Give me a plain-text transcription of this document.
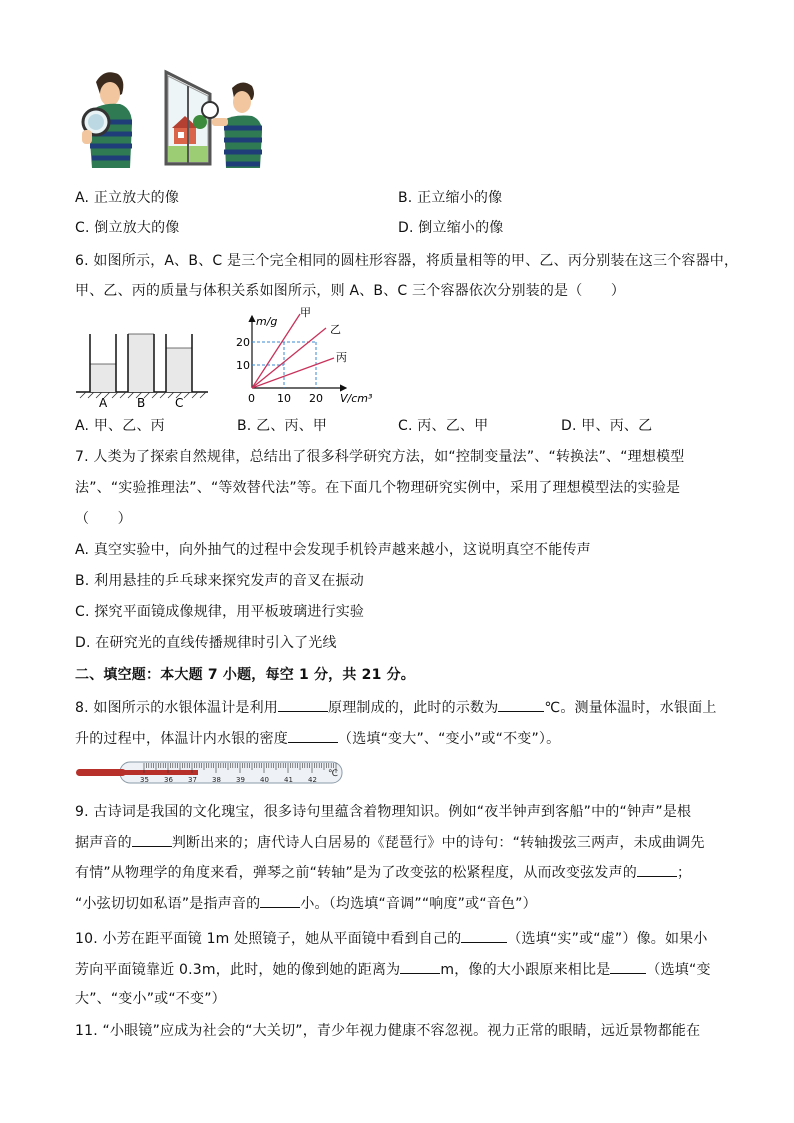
A. 正立放大的像	B. 正立缩小的像
C. 倒立放大的像	D. 倒立缩小的像
6. 如图所示，A、B、C 是三个完全相同的圆柱形容器，将质量相等的甲、乙、丙分别装在这三个容器中，
甲、乙、丙的质量与体积关系如图所示，则 A、B、C 三个容器依次分别装的是（　　）
A B C
甲
乙
丙
m/g
V/cm³
20
10
0 10 20
A. 甲、乙、丙	B. 乙、丙、甲	C. 丙、乙、甲	D. 甲、丙、乙
7. 人类为了探索自然规律，总结出了很多科学研究方法，如“控制变量法”、“转换法”、“理想模型
法”、“实验推理法”、“等效替代法”等。在下面几个物理研究实例中，采用了理想模型法的实验是
（　　）
A. 真空实验中，向外抽气的过程中会发现手机铃声越来越小，这说明真空不能传声
B. 利用悬挂的乒乓球来探究发声的音叉在振动
C. 探究平面镜成像规律，用平板玻璃进行实验
D. 在研究光的直线传播规律时引入了光线
二、填空题：本大题 7 小题，每空 1 分，共 21 分。
8. 如图所示的水银体温计是利用	原理制成的，此时的示数为	℃。测量体温时，水银面上
升的过程中，体温计内水银的密度	（选填“变大”、“变小”或“不变”）。
35 36 37 38 39 40 41 42
℃
9. 古诗词是我国的文化瑰宝，很多诗句里蕴含着物理知识。例如“夜半钟声到客船”中的“钟声”是根
据声音的	判断出来的；唐代诗人白居易的《琵琶行》中的诗句：“转轴拨弦三两声，未成曲调先
有情”从物理学的角度来看，弹琴之前“转轴”是为了改变弦的松紧程度，从而改变弦发声的	；
“小弦切切如私语”是指声音的	小。（均选填“音调”“响度”或“音色”）
10. 小芳在距平面镜 1m 处照镜子，她从平面镜中看到自己的	（选填“实”或“虚”）像。如果小
芳向平面镜靠近 0.3m，此时，她的像到她的距离为	m，像的大小跟原来相比是	（选填“变
大”、“变小”或“不变”）
11. “小眼镜”应成为社会的“大关切”，青少年视力健康不容忽视。视力正常的眼睛，远近景物都能在
